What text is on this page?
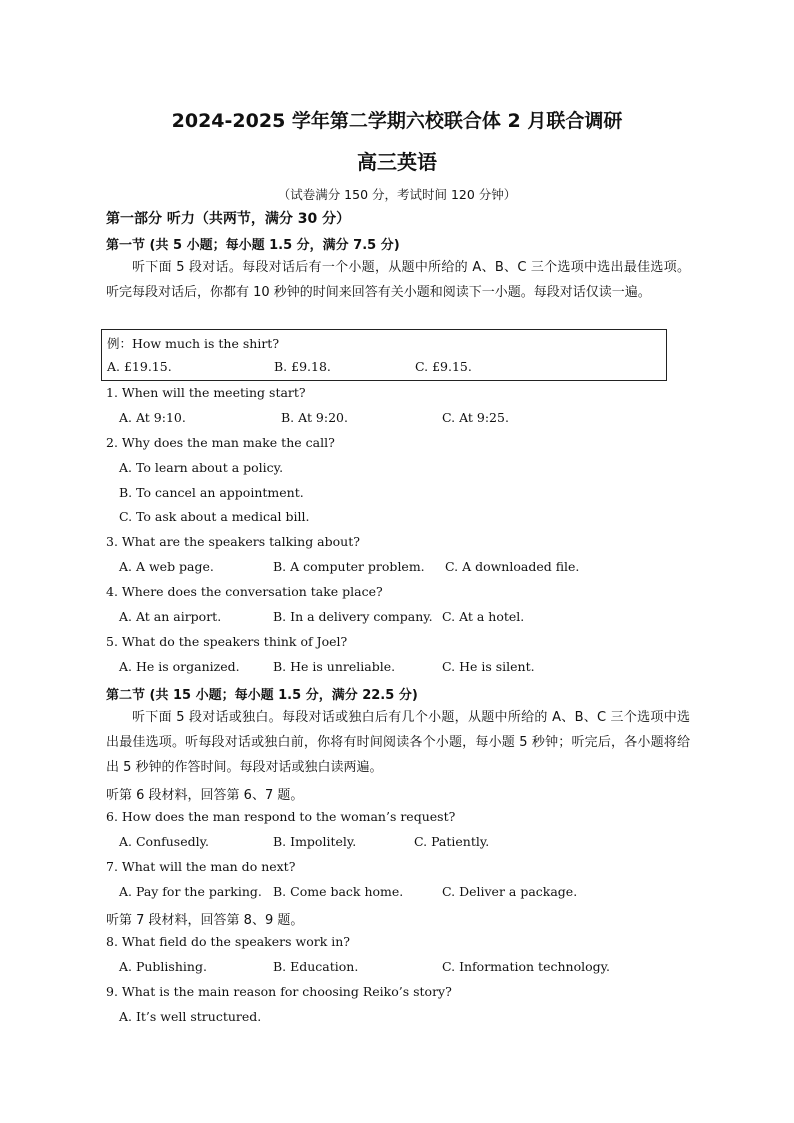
2024-2025 学年第二学期六校联合体 2 月联合调研
高三英语
（试卷满分 150 分，考试时间 120 分钟）
第一部分 听力（共两节，满分 30 分）
第一节 (共 5 小题；每小题 1.5 分，满分 7.5 分)
听下面 5 段对话。每段对话后有一个小题，从题中所给的 A、B、C 三个选项中选出最佳选项。听完每段对话后，你都有 10 秒钟的时间来回答有关小题和阅读下一小题。每段对话仅读一遍。
例：How much is the shirt?
A. £19.15.	B. £9.18.	C. £9.15.
1. When will the meeting start?
A. At 9:10.	B. At 9:20.	C. At 9:25.
2. Why does the man make the call?
A. To learn about a policy.
B. To cancel an appointment.
C. To ask about a medical bill.
3. What are the speakers talking about?
A. A web page.	B. A computer problem. C. A downloaded file.
4. Where does the conversation take place?
A. At an airport.	B. In a delivery company. C. At a hotel.
5. What do the speakers think of Joel?
A. He is organized.	B. He is unreliable.	C. He is silent.
第二节 (共 15 小题；每小题 1.5 分，满分 22.5 分)
听下面 5 段对话或独白。每段对话或独白后有几个小题，从题中所给的 A、B、C 三个选项中选出最佳选项。听每段对话或独白前，你将有时间阅读各个小题，每小题 5 秒钟；听完后，各小题将给出 5 秒钟的作答时间。每段对话或独白读两遍。
听第 6 段材料，回答第 6、7 题。
6. How does the man respond to the woman’s request?
A. Confusedly.	B. Impolitely.	C. Patiently.
7. What will the man do next?
A. Pay for the parking. B. Come back home.	C. Deliver a package.
听第 7 段材料，回答第 8、9 题。
8. What field do the speakers work in?
A. Publishing.	B. Education.	C. Information technology.
9. What is the main reason for choosing Reiko’s story?
A. It’s well structured.
